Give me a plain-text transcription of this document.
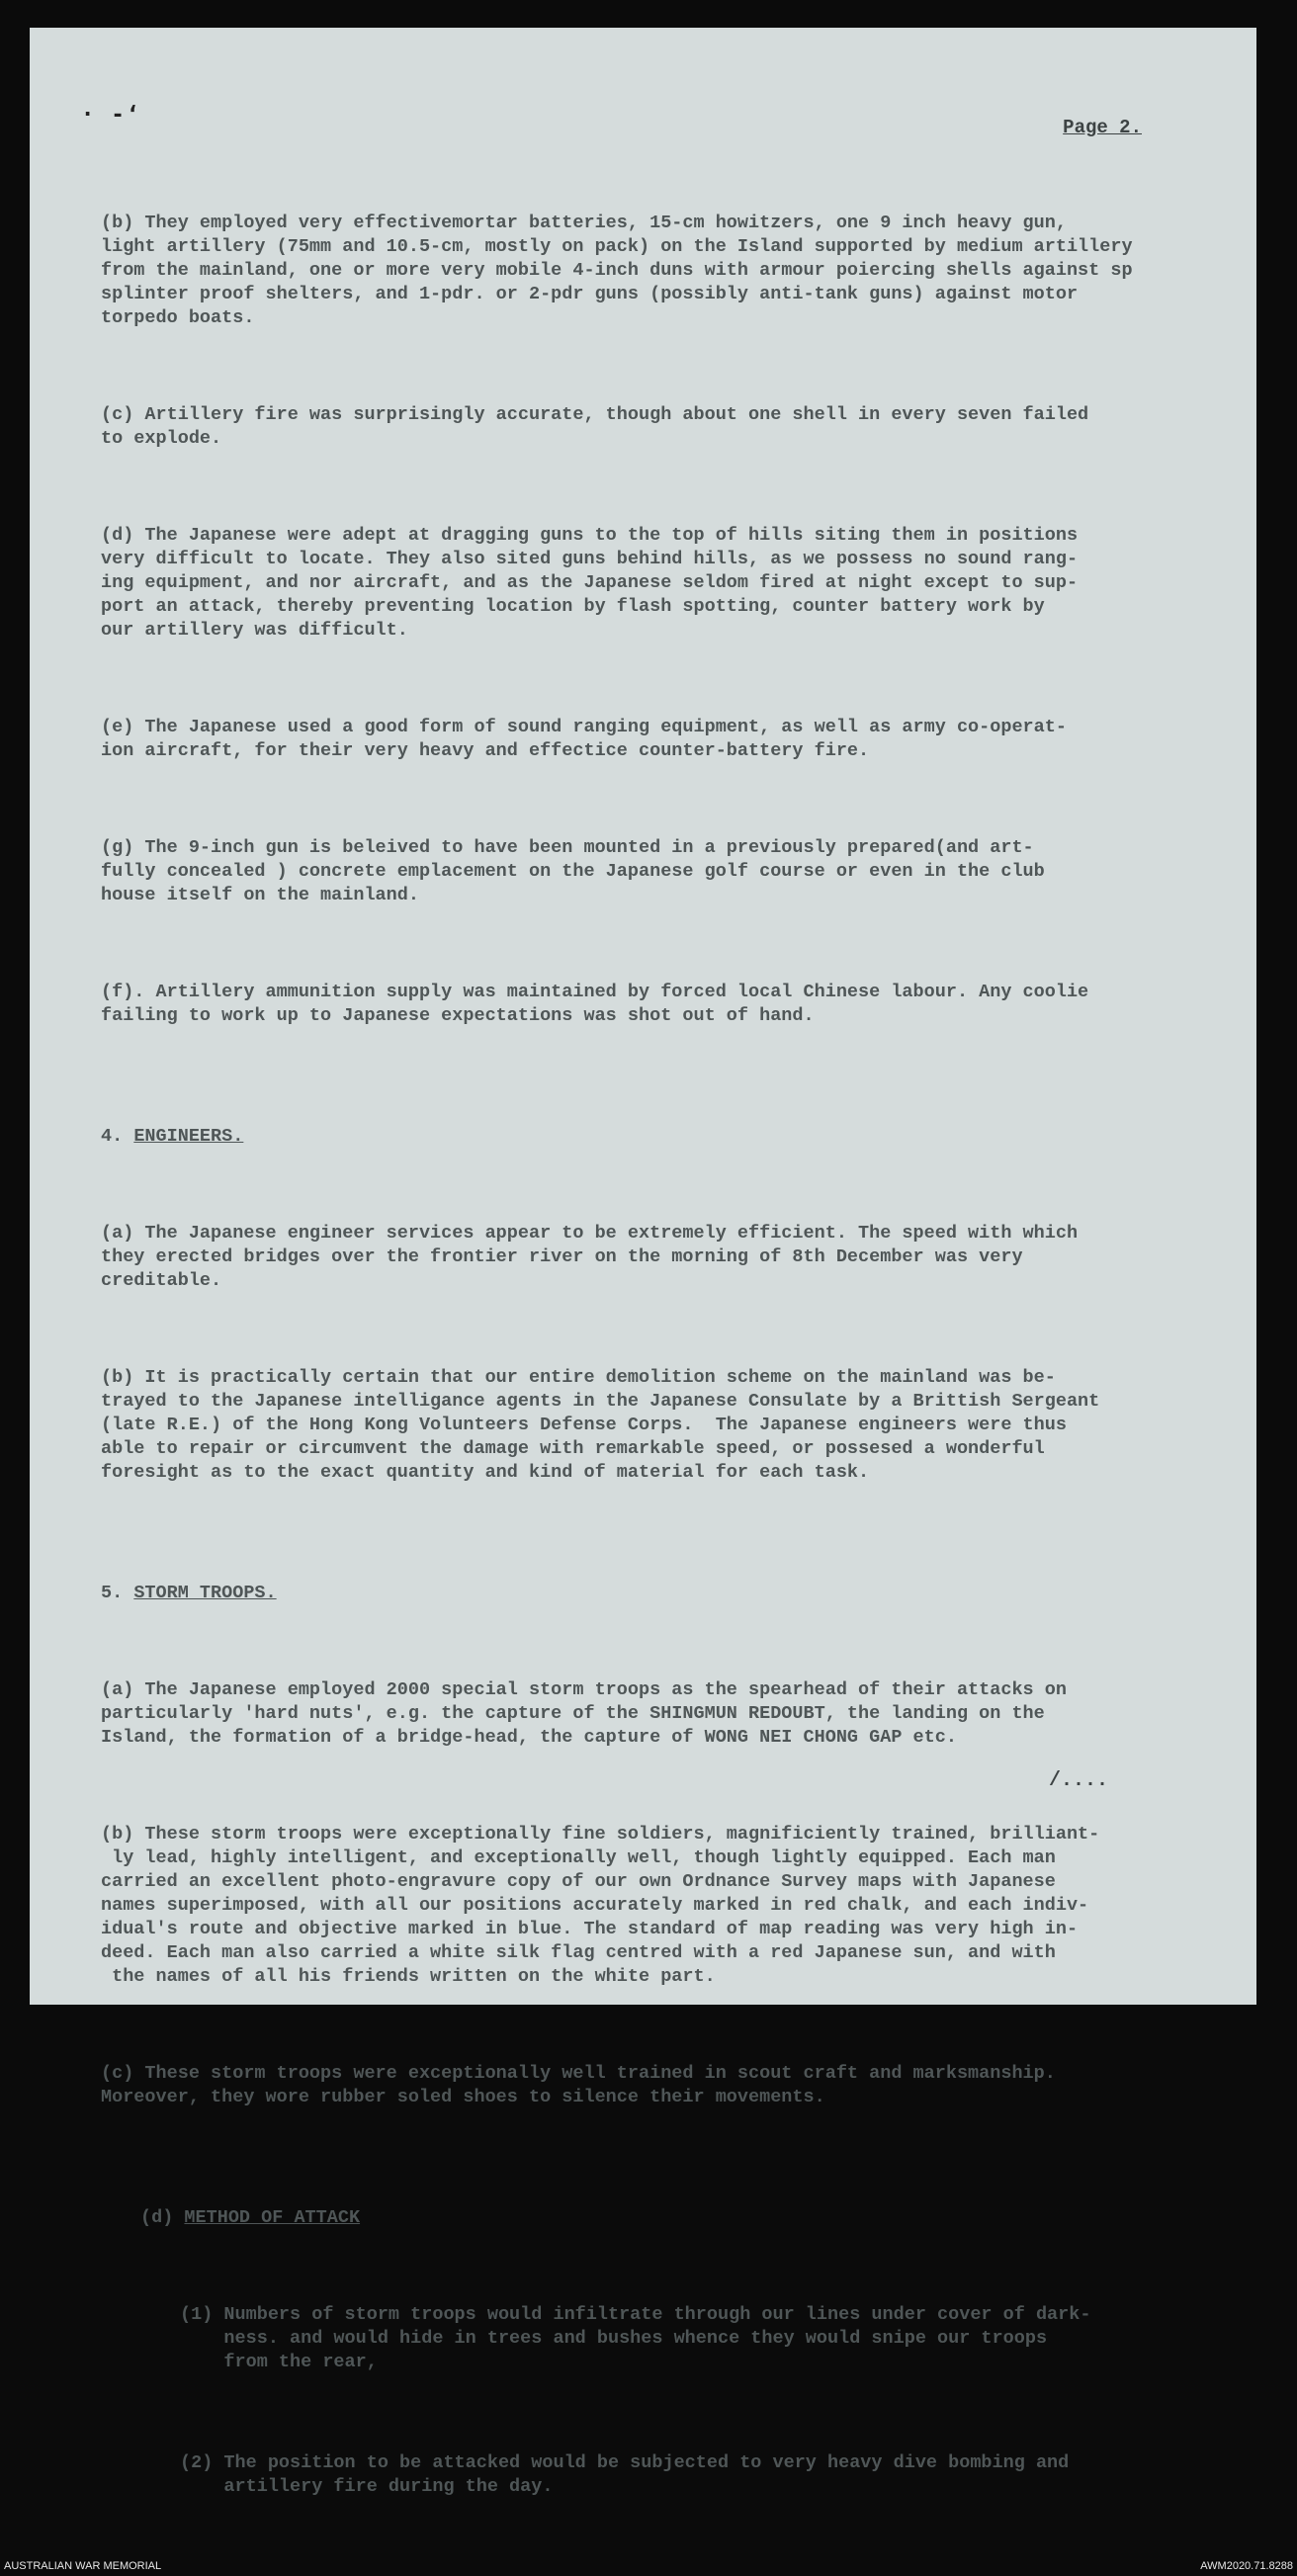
· -‘	Page 2.

(b) They employed very effectivemortar batteries, 15-cm howitzers, one 9 inch heavy gun,
light artillery (75mm and 10.5-cm, mostly on pack) on the Island supported by medium artillery
from the mainland, one or more very mobile 4-inch duns with armour poiercing shells against sp
splinter proof shelters, and 1-pdr. or 2-pdr guns (possibly anti-tank guns) against motor
torpedo boats.

(c) Artillery fire was surprisingly accurate, though about one shell in every seven failed
to explode.

(d) The Japanese were adept at dragging guns to the top of hills siting them in positions
very difficult to locate. They also sited guns behind hills, as we possess no sound rang-
ing equipment, and nor aircraft, and as the Japanese seldom fired at night except to sup-
port an attack, thereby preventing location by flash spotting, counter battery work by
our artillery was difficult.

(e) The Japanese used a good form of sound ranging equipment, as well as army co-operat-
ion aircraft, for their very heavy and effectice counter-battery fire.

(g) The 9-inch gun is beleived to have been mounted in a previously prepared(and art-
fully concealed ) concrete emplacement on the Japanese golf course or even in the club
house itself on the mainland.

(f). Artillery ammunition supply was maintained by forced local Chinese labour. Any coolie
failing to work up to Japanese expectations was shot out of hand.

4. ENGINEERS.

(a) The Japanese engineer services appear to be extremely efficient. The speed with which
they erected bridges over the frontier river on the morning of 8th December was very
creditable.

(b) It is practically certain that our entire demolition scheme on the mainland was be-
trayed to the Japanese intelligance agents in the Japanese Consulate by a Brittish Sergeant
(late R.E.) of the Hong Kong Volunteers Defense Corps.  The Japanese engineers were thus
able to repair or circumvent the damage with remarkable speed, or possesed a wonderful
foresight as to the exact quantity and kind of material for each task.

5. STORM TROOPS.

(a) The Japanese employed 2000 special storm troops as the spearhead of their attacks on
particularly 'hard nuts', e.g. the capture of the SHINGMUN REDOUBT, the landing on the
Island, the formation of a bridge-head, the capture of WONG NEI CHONG GAP etc.

(b) These storm troops were exceptionally fine soldiers, magnificiently trained, brilliant-
ly lead, highly intelligent, and exceptionally well, though lightly equipped. Each man
carried an excellent photo-engravure copy of our own Ordnance Survey maps with Japanese
names superimposed, with all our positions accurately marked in red chalk, and each indiv-
idual's route and objective marked in blue. The standard of map reading was very high in-
deed. Each man also carried a white silk flag centred with a red Japanese sun, and with
the names of all his friends written on the white part.

(c) These storm troops were exceptionally well trained in scout craft and marksmanship.
Moreover, they wore rubber soled shoes to silence their movements.

(d) METHOD OF ATTACK

(1) Numbers of storm troops would infiltrate through our lines under cover of dark-
ness. and would hide in trees and bushes whence they would snipe our troops
from the rear,

(2) The position to be attacked would be subjected to very heavy dive bombing and
artillery fire during the day.

/....
AUSTRALIAN WAR MEMORIAL	AWM2020.71.8288
